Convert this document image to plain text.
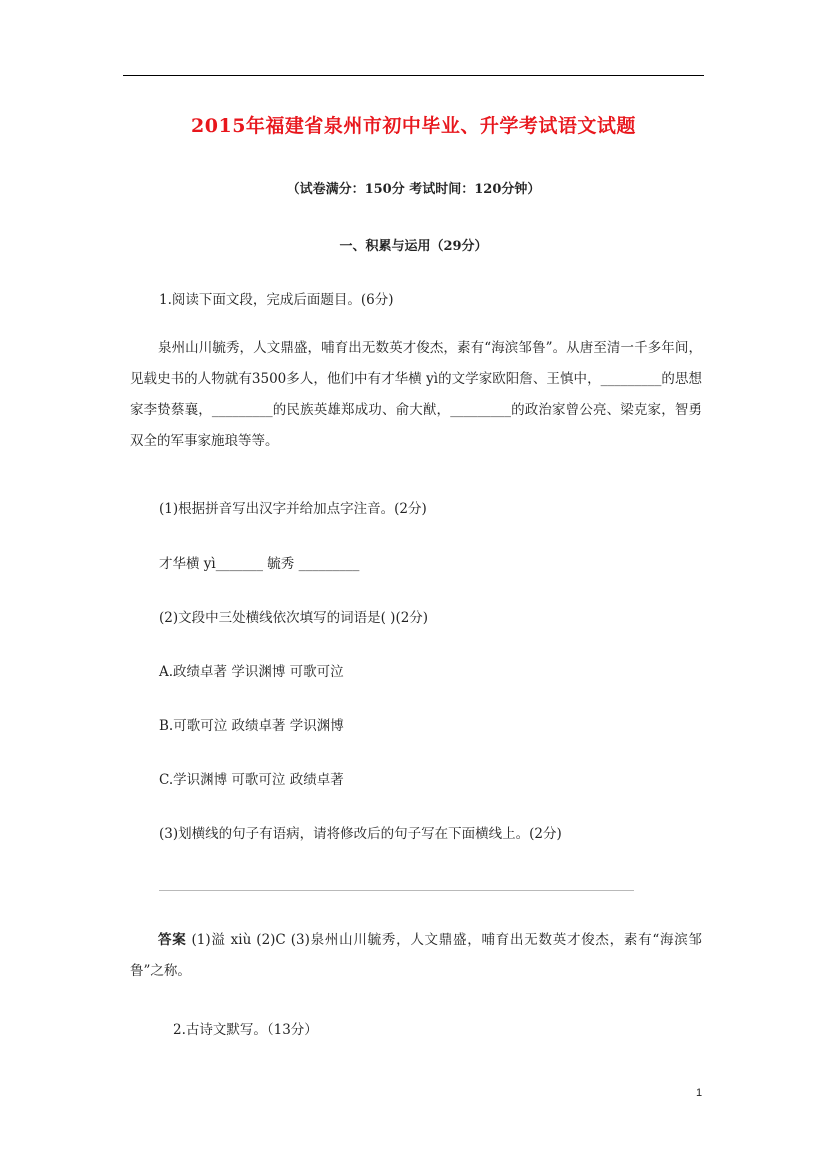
2015年福建省泉州市初中毕业、升学考试语文试题
（试卷满分：150分 考试时间：120分钟）
一、积累与运用（29分）
1.阅读下面文段，完成后面题目。(6分)
泉州山川毓秀，人文鼎盛，哺育出无数英才俊杰，素有“海滨邹鲁”。从唐至清一千多年间，见载史书的人物就有3500多人，他们中有才华横 yì的文学家欧阳詹、王慎中，_________的思想家李贽蔡襄，_________的民族英雄郑成功、俞大猷，_________的政治家曾公亮、梁克家，智勇双全的军事家施琅等等。
(1)根据拼音写出汉字并给加点字注音。(2分)
才华横 yì_______ 毓秀 _________
(2)文段中三处横线依次填写的词语是( )(2分)
A.政绩卓著 学识渊博 可歌可泣
B.可歌可泣 政绩卓著 学识渊博
C.学识渊博 可歌可泣 政绩卓著
(3)划横线的句子有语病，请将修改后的句子写在下面横线上。(2分)
答案 (1)溢 xiù (2)C (3)泉州山川毓秀，人文鼎盛，哺育出无数英才俊杰，素有“海滨邹鲁”之称。
2.古诗文默写。（13分）
1
